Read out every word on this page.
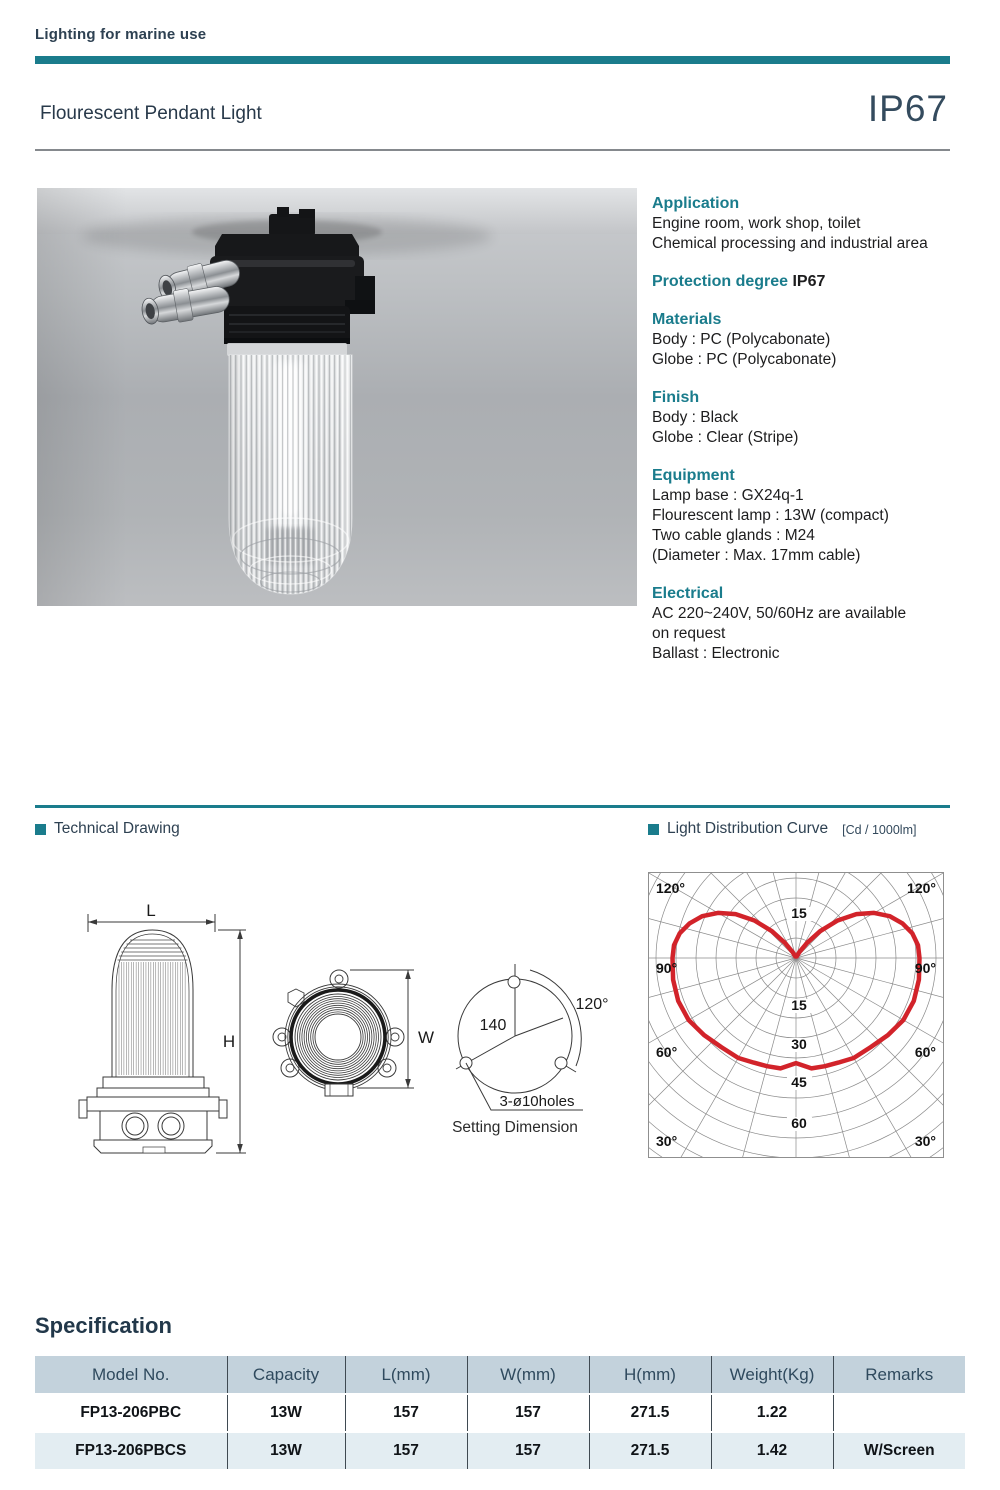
Lighting for marine use
Flourescent Pendant Light	IP67
Application

Engine room, work shop, toilet

Chemical processing and industrial area

Protection degree IP67
Materials

Body : PC (Polycabonate)

Globe : PC (Polycabonate)

Finish

Body : Black

Globe : Clear (Stripe)

Equipment

Lamp base : GX24q-1

Flourescent lamp : 13W (compact)

Two cable glands : M24

(Diameter : Max. 17mm cable)

Electrical

AC 220~240V, 50/60Hz are available

on request

Ballast : Electronic

Technical Drawing	Light Distribution Curve [Cd / 1000lm]
L
H	W
140
120°
3-ø10holes
Setting Dimension
120°	120°
90°	90°
60°	60°
30°	30°
15
15
30
45
60
Specification
Model No.	Capacity	L(mm)	W(mm)	H(mm)	Weight(Kg)	Remarks
FP13-206PBC	13W	157	157	271.5	1.22	
FP13-206PBCS	13W	157	157	271.5	1.42	W/Screen
